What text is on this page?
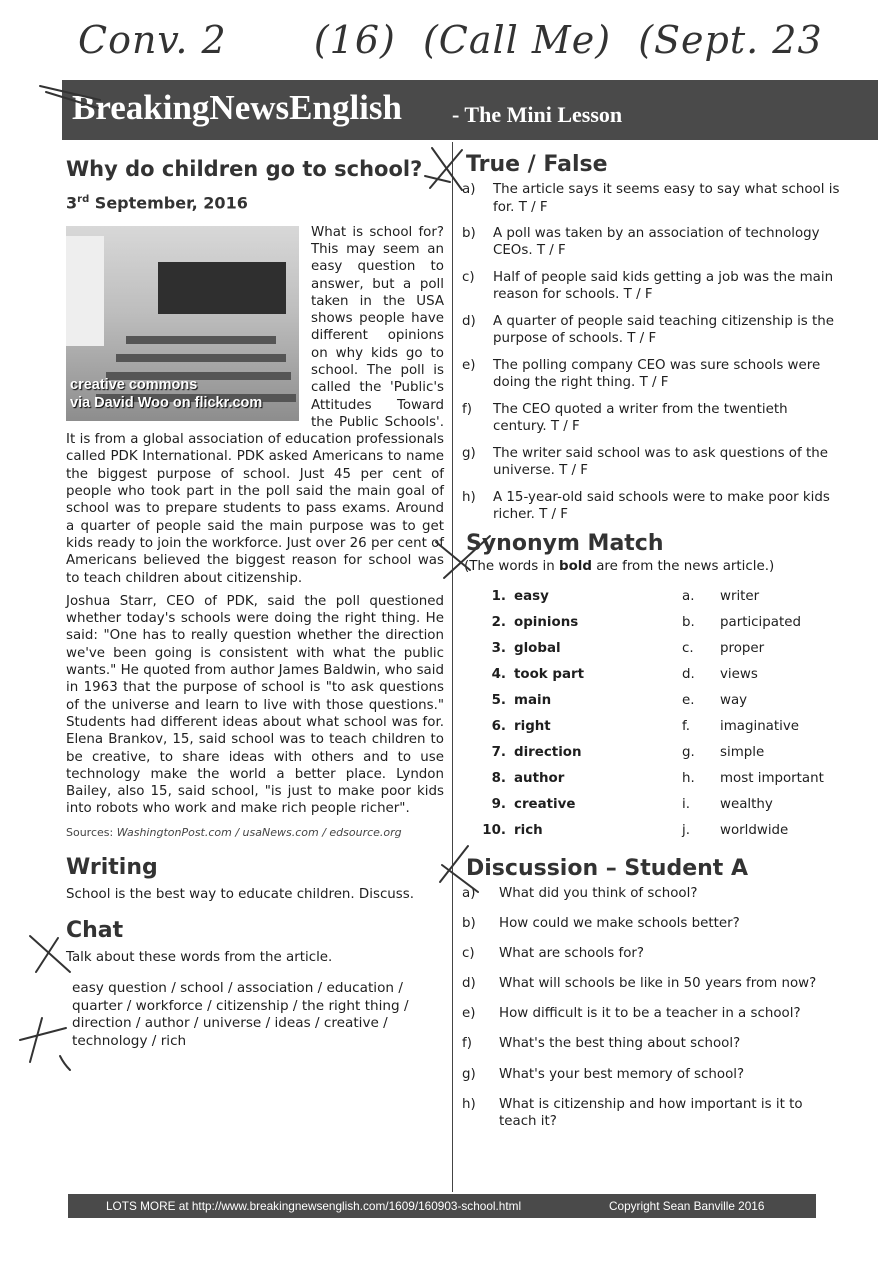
Conv. 2 (16) (Call Me) (Sept. 23
BreakingNewsEnglish - The Mini Lesson
Why do children go to school?
3rd September, 2016
creative commons
via David Woo on flickr.com

What is school for? This may seem an easy question to answer, but a poll taken in the USA shows people have different opinions on why kids go to school. The poll is called the 'Public's Attitudes Toward the Public Schools'. It is from a global association of education professionals called PDK International. PDK asked Americans to name the biggest purpose of school. Just 45 per cent of people who took part in the poll said the main goal of school was to prepare students to pass exams. Around a quarter of people said the main purpose was to get kids ready to join the workforce. Just over 26 per cent of Americans believed the biggest reason for school was to teach children about citizenship.

Joshua Starr, CEO of PDK, said the poll questioned whether today's schools were doing the right thing. He said: "One has to really question whether the direction we've been going is consistent with what the public wants." He quoted from author James Baldwin, who said in 1963 that the purpose of school is "to ask questions of the universe and learn to live with those questions." Students had different ideas about what school was for. Elena Brankov, 15, said school was to teach children to be creative, to share ideas with others and to use technology make the world a better place. Lyndon Bailey, also 15, said school, "is just to make poor kids into robots who work and make rich people richer".

Sources: WashingtonPost.com / usaNews.com / edsource.org
Writing

School is the best way to educate children. Discuss.

Chat

Talk about these words from the article.

easy question / school / association / education / quarter / workforce / citizenship / the right thing / direction / author / universe / ideas / creative / technology / rich
True / False
a)	The article says it seems easy to say what school is for. T / F
b)	A poll was taken by an association of technology CEOs. T / F
c)	Half of people said kids getting a job was the main reason for schools. T / F
d)	A quarter of people said teaching citizenship is the purpose of schools. T / F
e)	The polling company CEO was sure schools were doing the right thing. T / F
f)	The CEO quoted a writer from the twentieth century. T / F
g)	The writer said school was to ask questions of the universe. T / F
h)	A 15-year-old said schools were to make poor kids richer. T / F
Synonym Match
(The words in bold are from the news article.)
1. easy	a.	writer
2. opinions	b.	participated
3. global	c.	proper
4. took part	d.	views
5. main	e.	way
6. right	f.	imaginative
7. direction	g.	simple
8. author	h.	most important
9. creative	i.	wealthy
10. rich	j.	worldwide
Discussion – Student A
a)	What did you think of school?
b)	How could we make schools better?
c)	What are schools for?
d)	What will schools be like in 50 years from now?
e)	How difficult is it to be a teacher in a school?
f)	What's the best thing about school?
g)	What's your best memory of school?
h)	What is citizenship and how important is it to teach it?
LOTS MORE at http://www.breakingnewsenglish.com/1609/160903-school.html	Copyright Sean Banville 2016
